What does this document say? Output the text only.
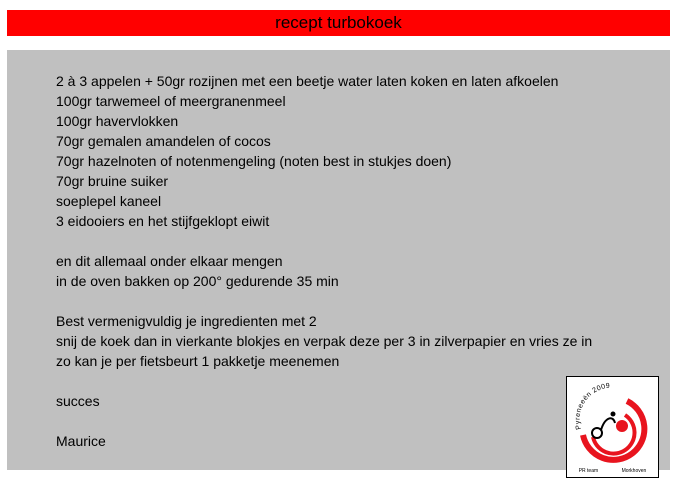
recept turbokoek
2 à 3 appelen + 50gr rozijnen met een beetje water laten koken en laten afkoelen
100gr tarwemeel of meergranenmeel
100gr havervlokken
70gr gemalen amandelen of cocos
70gr hazelnoten of notenmengeling (noten best in stukjes doen)
70gr bruine suiker
soeplepel kaneel
3 eidooiers en het stijfgeklopt eiwit
en dit allemaal onder elkaar mengen
in de oven bakken op 200° gedurende 35 min
Best vermenigvuldig je ingredienten met 2
snij de koek dan in vierkante blokjes en verpak deze per 3 in zilverpapier en vries ze in
zo kan je per fietsbeurt 1 pakketje meenemen
succes
Maurice
Pyreneeën 2009
PR team	Morkhoven
